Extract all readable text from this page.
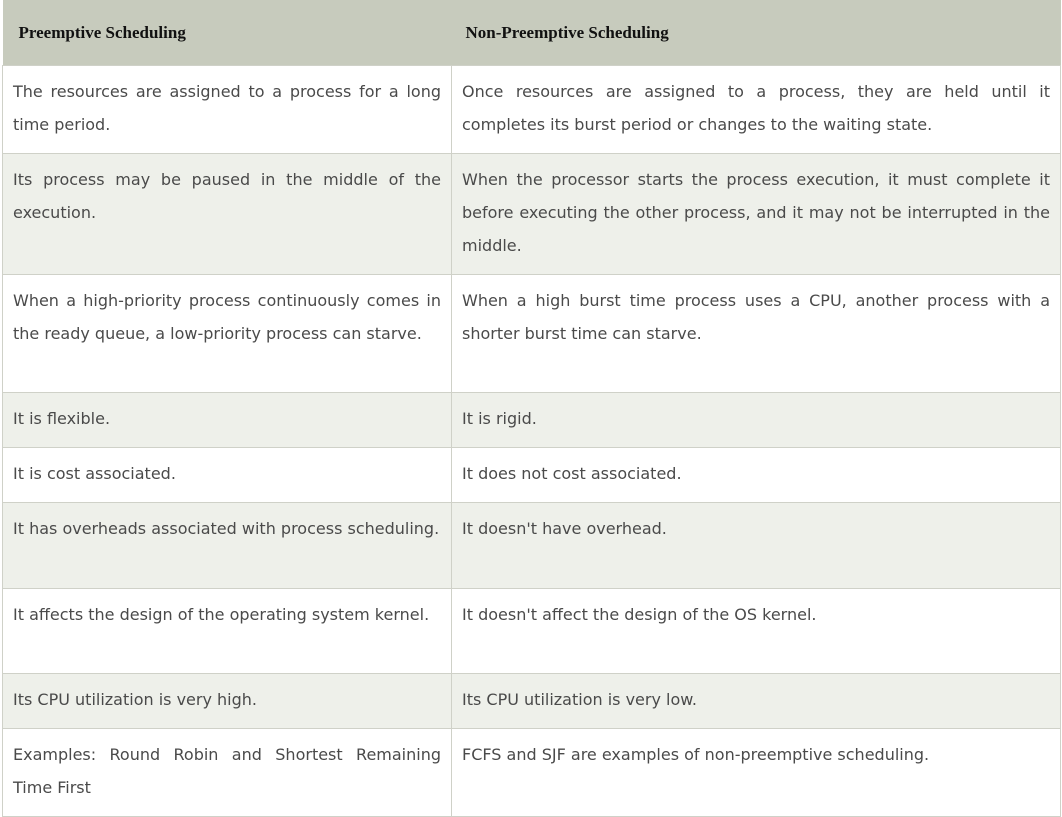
Preemptive Scheduling	Non-Preemptive Scheduling

The resources are assigned to a process for a long time period.	Once resources are assigned to a process, they are held until it completes its burst period or changes to the waiting state.

Its process may be paused in the middle of the execution.	When the processor starts the process execution, it must complete it before executing the other process, and it may not be interrupted in the middle.

When a high-priority process continuously comes in the ready queue, a low-priority process can starve.	When a high burst time process uses a CPU, another process with a shorter burst time can starve.

It is flexible.	It is rigid.

It is cost associated.	It does not cost associated.

It has overheads associated with process scheduling.	It doesn't have overhead.

It affects the design of the operating system kernel.	It doesn't affect the design of the OS kernel.

Its CPU utilization is very high.	Its CPU utilization is very low.

Examples: Round Robin and Shortest Remaining Time First	FCFS and SJF are examples of non-preemptive scheduling.
